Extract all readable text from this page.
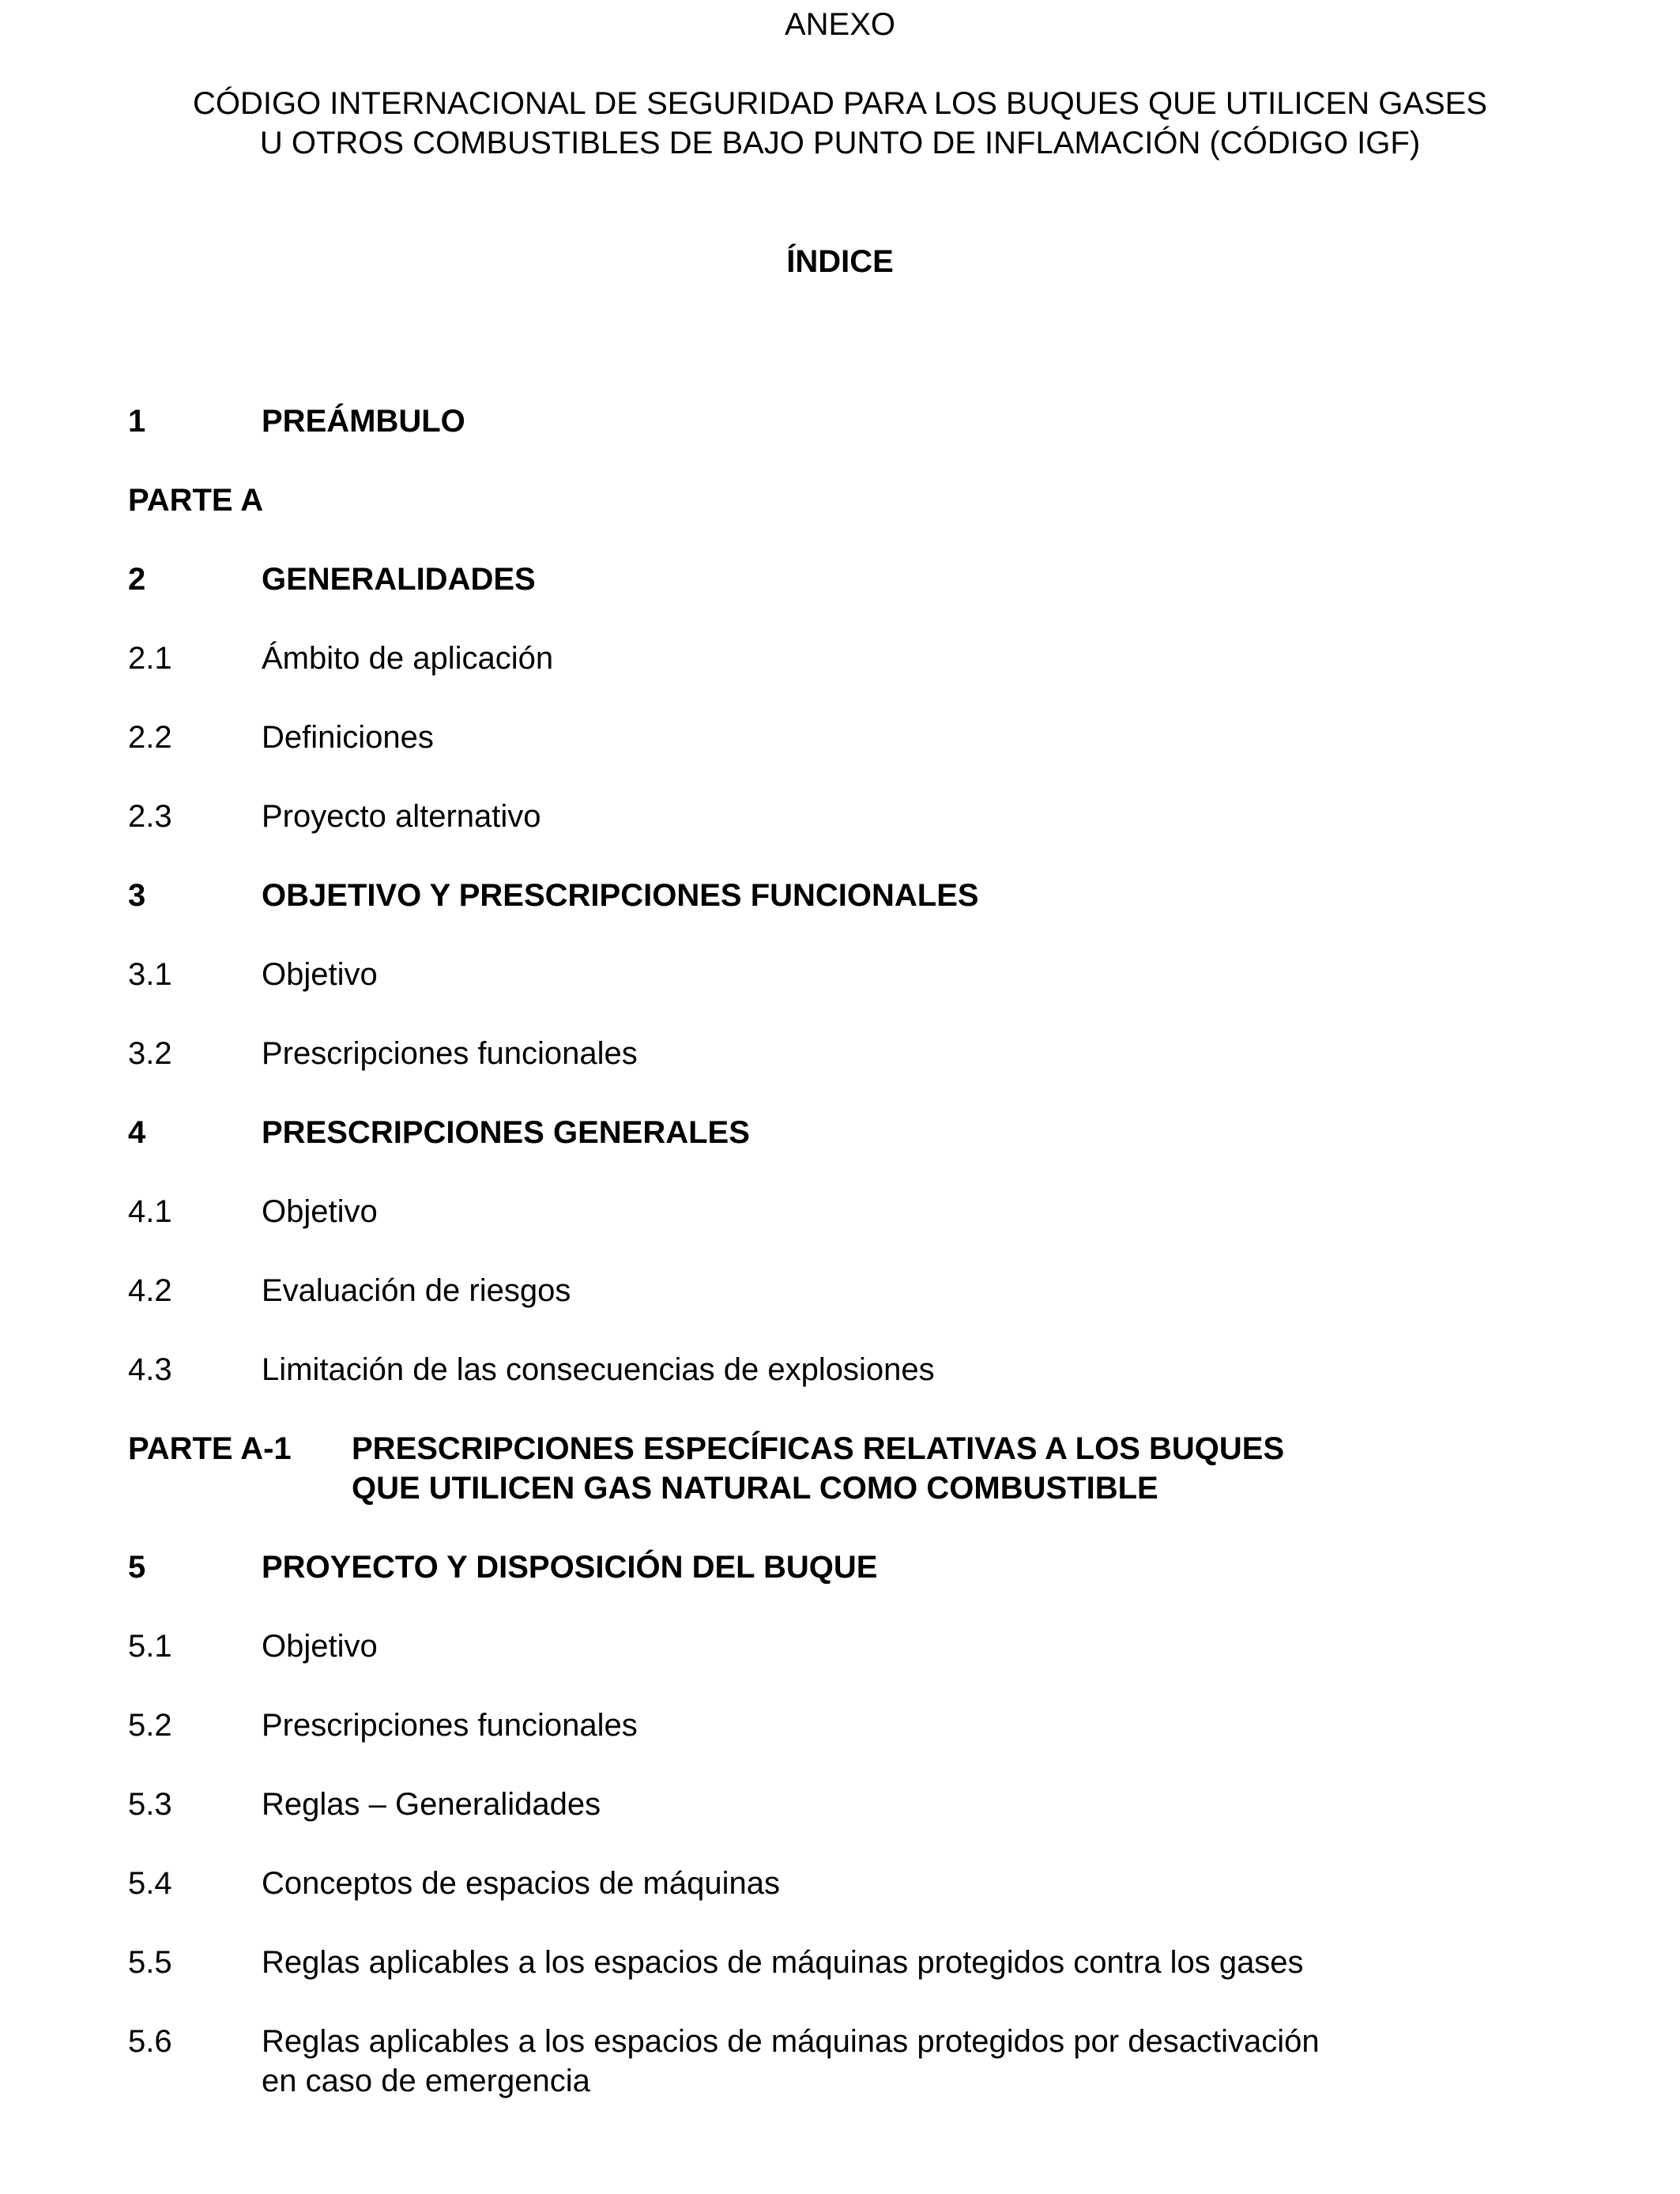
ANEXO
CÓDIGO INTERNACIONAL DE SEGURIDAD PARA LOS BUQUES QUE UTILICEN GASES
U OTROS COMBUSTIBLES DE BAJO PUNTO DE INFLAMACIÓN (CÓDIGO IGF)
ÍNDICE
1	PREÁMBULO
PARTE A
2	GENERALIDADES
2.1	Ámbito de aplicación
2.2	Definiciones
2.3	Proyecto alternativo
3	OBJETIVO Y PRESCRIPCIONES FUNCIONALES
3.1	Objetivo
3.2	Prescripciones funcionales
4	PRESCRIPCIONES GENERALES
4.1	Objetivo
4.2	Evaluación de riesgos
4.3	Limitación de las consecuencias de explosiones
PARTE A-1 PRESCRIPCIONES ESPECÍFICAS RELATIVAS A LOS BUQUES
QUE UTILICEN GAS NATURAL COMO COMBUSTIBLE
5	PROYECTO Y DISPOSICIÓN DEL BUQUE
5.1	Objetivo
5.2	Prescripciones funcionales
5.3	Reglas – Generalidades
5.4	Conceptos de espacios de máquinas
5.5	Reglas aplicables a los espacios de máquinas protegidos contra los gases
5.6	Reglas aplicables a los espacios de máquinas protegidos por desactivación
en caso de emergencia
